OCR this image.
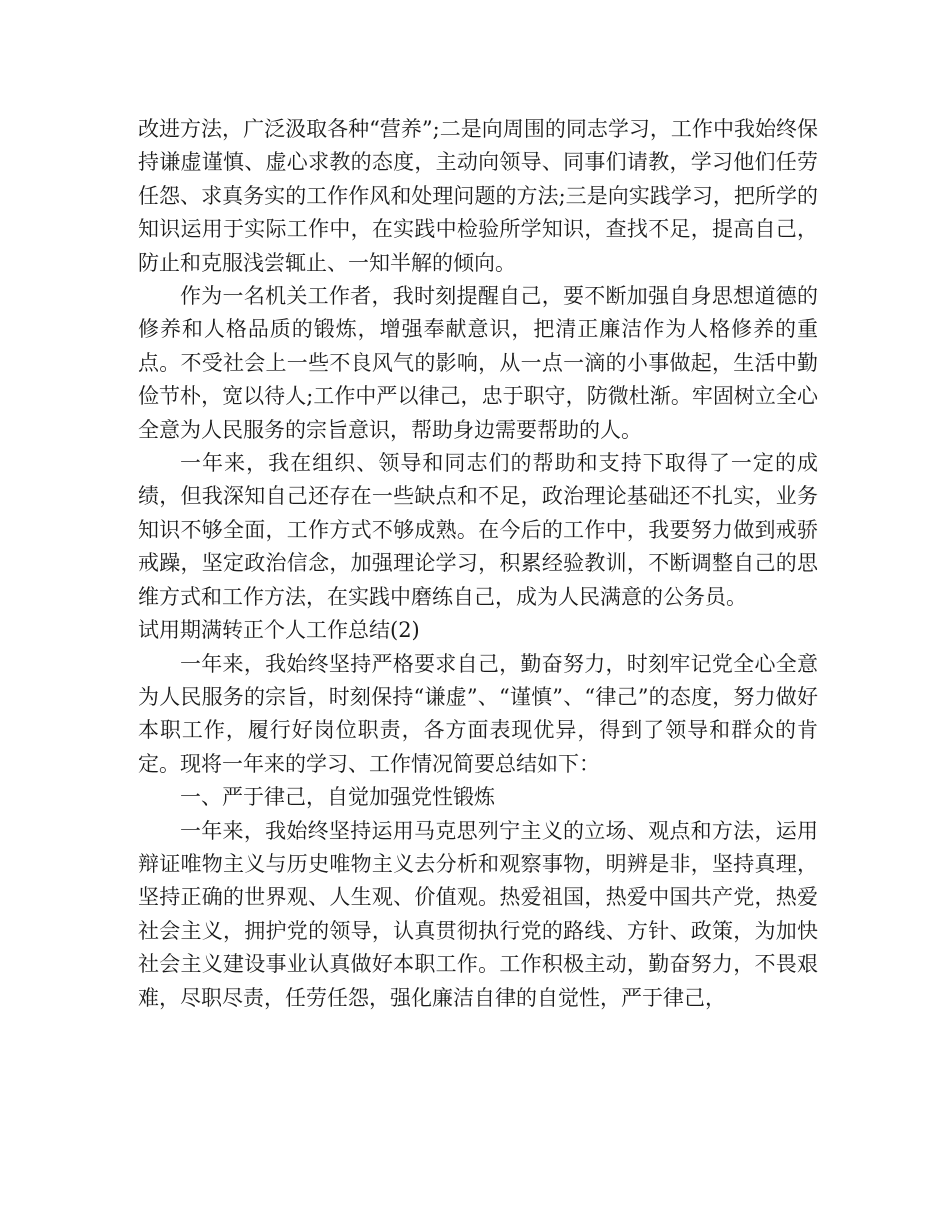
改进方法，广泛汲取各种“营养”;二是向周围的同志学习，工作中我始终保持谦虚谨慎、虚心求教的态度，主动向领导、同事们请教，学习他们任劳任怨、求真务实的工作作风和处理问题的方法;三是向实践学习，把所学的知识运用于实际工作中，在实践中检验所学知识，查找不足，提高自己，防止和克服浅尝辄止、一知半解的倾向。

作为一名机关工作者，我时刻提醒自己，要不断加强自身思想道德的修养和人格品质的锻炼，增强奉献意识，把清正廉洁作为人格修养的重点。不受社会上一些不良风气的影响，从一点一滴的小事做起，生活中勤俭节朴，宽以待人;工作中严以律己，忠于职守，防微杜渐。牢固树立全心全意为人民服务的宗旨意识，帮助身边需要帮助的人。

一年来，我在组织、领导和同志们的帮助和支持下取得了一定的成绩，但我深知自己还存在一些缺点和不足，政治理论基础还不扎实，业务知识不够全面，工作方式不够成熟。在今后的工作中，我要努力做到戒骄戒躁，坚定政治信念，加强理论学习，积累经验教训，不断调整自己的思维方式和工作方法，在实践中磨练自己，成为人民满意的公务员。

试用期满转正个人工作总结(2)

一年来，我始终坚持严格要求自己，勤奋努力，时刻牢记党全心全意为人民服务的宗旨，时刻保持“谦虚”、“谨慎”、“律己”的态度，努力做好本职工作，履行好岗位职责，各方面表现优异，得到了领导和群众的肯定。现将一年来的学习、工作情况简要总结如下：

一、严于律己，自觉加强党性锻炼

一年来，我始终坚持运用马克思列宁主义的立场、观点和方法，运用辩证唯物主义与历史唯物主义去分析和观察事物，明辨是非，坚持真理，坚持正确的世界观、人生观、价值观。热爱祖国，热爱中国共产党，热爱社会主义，拥护党的领导，认真贯彻执行党的路线、方针、政策，为加快社会主义建设事业认真做好本职工作。工作积极主动，勤奋努力，不畏艰难，尽职尽责，任劳任怨，强化廉洁自律的自觉性，严于律己，
